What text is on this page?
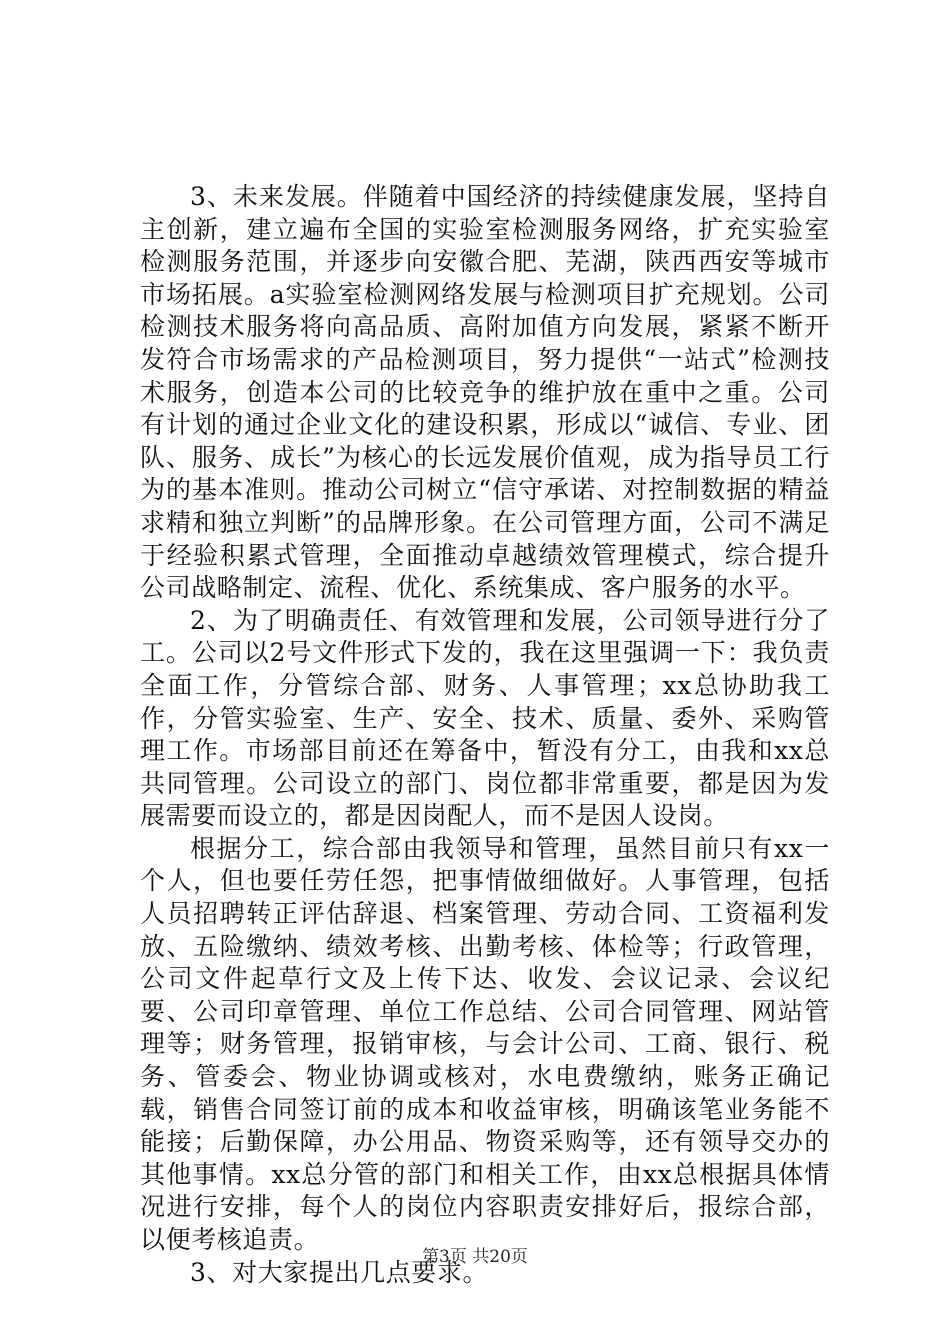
3、未来发展。伴随着中国经济的持续健康发展，坚持自主创新，建立遍布全国的实验室检测服务网络，扩充实验室检测服务范围，并逐步向安徽合肥、芜湖，陕西西安等城市市场拓展。a实验室检测网络发展与检测项目扩充规划。公司检测技术服务将向高品质、高附加值方向发展，紧紧不断开发符合市场需求的产品检测项目，努力提供“一站式”检测技术服务，创造本公司的比较竞争的维护放在重中之重。公司有计划的通过企业文化的建设积累，形成以“诚信、专业、团队、服务、成长”为核心的长远发展价值观，成为指导员工行为的基本准则。推动公司树立“信守承诺、对控制数据的精益求精和独立判断”的品牌形象。在公司管理方面，公司不满足于经验积累式管理，全面推动卓越绩效管理模式，综合提升公司战略制定、流程、优化、系统集成、客户服务的水平。

2、为了明确责任、有效管理和发展，公司领导进行分了工。公司以2号文件形式下发的，我在这里强调一下：我负责全面工作，分管综合部、财务、人事管理；xx总协助我工作，分管实验室、生产、安全、技术、质量、委外、采购管理工作。市场部目前还在筹备中，暂没有分工，由我和xx总共同管理。公司设立的部门、岗位都非常重要，都是因为发展需要而设立的，都是因岗配人，而不是因人设岗。

根据分工，综合部由我领导和管理，虽然目前只有xx一个人，但也要任劳任怨，把事情做细做好。人事管理，包括人员招聘转正评估辞退、档案管理、劳动合同、工资福利发放、五险缴纳、绩效考核、出勤考核、体检等；行政管理，公司文件起草行文及上传下达、收发、会议记录、会议纪要、公司印章管理、单位工作总结、公司合同管理、网站管理等；财务管理，报销审核，与会计公司、工商、银行、税务、管委会、物业协调或核对，水电费缴纳，账务正确记载，销售合同签订前的成本和收益审核，明确该笔业务能不能接；后勤保障，办公用品、物资采购等，还有领导交办的其他事情。xx总分管的部门和相关工作，由xx总根据具体情况进行安排，每个人的岗位内容职责安排好后，报综合部，以便考核追责。

3、对大家提出几点要求。

第3页 共20页
